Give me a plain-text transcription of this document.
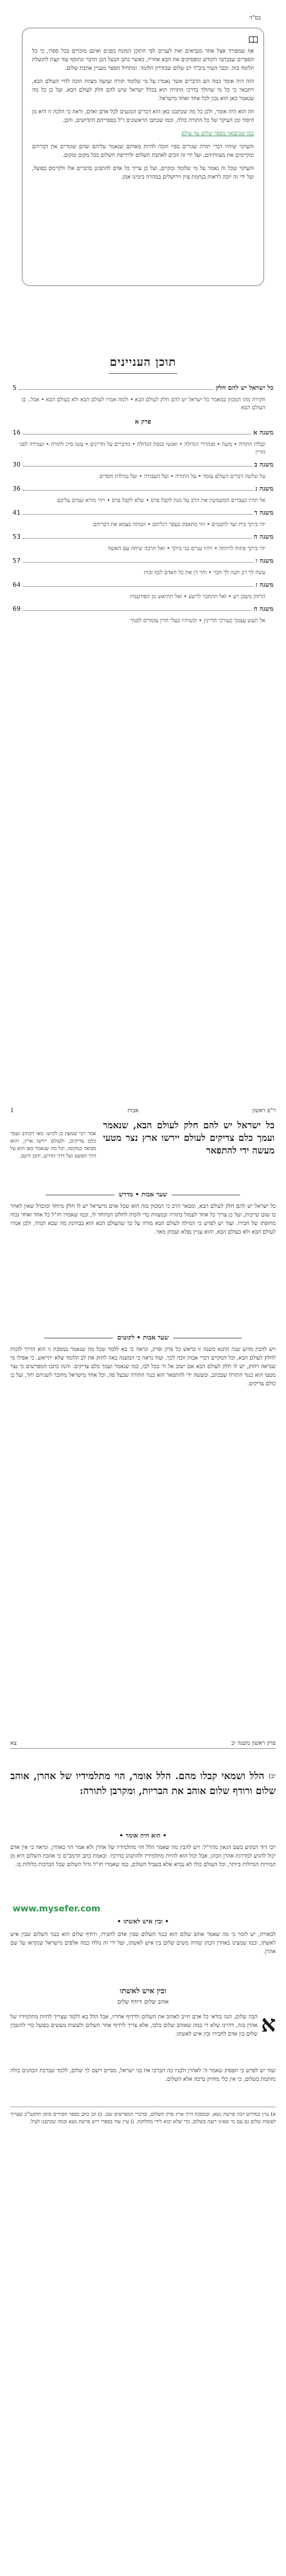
בס"ד

אף שמפורד אצל אחד מנביאים ואת לעניים לפי התוכן המונח בפנים ואינם מוכרים בכל ספרו, כי כל הספרים שבכתבי הקודש ומפסיקים את הבא אחריו, כאשר כתב הבעל הבן הדבר ונתוסף עוד קצת לתועלת הלומד בזה. וכבר העיר ביב"ד רב שלום שבזדרון הלומד. ומתחיל הספר מעניין אהבת שלום.

הזה היה אומר כמה הם הדברים אשר נאמרו על מי שלומד תורה ועושה מצוות וזוכה לחיי העולם הבא, ויתבאר כי כל מי שהולך בדרכי התורה הוא בכלל ישראל שיש להם חלק לעולם הבא, ועל כן כל מה שנאמר כאן הוא נכון לכל אחד ואחד מישראל.

וזה הוא היה אומר, ולכן כל מה שכתבנו כאן הוא דברים הנוגעים לכל אדם ואדם, וראה כי הלכה זו היא מן היסוד ומן העיקר של כל התורה כולה, וכמו שכתבו הראשונים ז"ל בספריהם הקדושים, והבן.

כמו שנתבאר בספר שלום עד עולם

והעיקר שיהיו דברי תורה שגורים בפיו וזוכה להיות מאותם שנאמר עליהם שהם שומרים את דבריהם ומקיימים את מצוותיהם, ועל ידי זה זוכים לאהבת השלום ולרדיפת השלום בכל מקום ומקום.

והעיקר שכל זה נאמר על מי שלומד ומקיים, ועל כן צריך כל אדם להתבונן בדברים אלו ולקיימם בפועל, ועל ידי זה יזכה לראות בנחמת ציון וירושלים במהרה בימינו אמן.

תוכן העניינים
כל ישראל יש להם חלק
5
חקירה מהו המכוון במאמר כל ישראל יש להם חלק לעולם הבא • ולמה אמרו לעולם הבא ולא בעולם הבא • אבל.. בן העולם הבא
פרק א
משנה א
16
קבלת התורה • משה • סנהדרי הגדולה • ואנשי כנסת הגדולה • מדברים על הדיינים • עשו סייג לתורה • ועמידה לפני הדיין
משנה ב
30
על שלשה דברים העולם עומד • על התורה • ועל העבודה • ועל גמילות חסדים
משנה ג
36
אל תהיו כעבדים המשמשין את הרב על מנת לקבל פרס • שלא לקבל פרס • ויהי מורא שמים עליכם
משנה ד
41
יהי ביתך בית ועד לחכמים • הוי מתאבק בעפר רגליהם • ושותה בצמא את דבריהם
משנה ה
53
יהי ביתך פתוח לרווחה • ויהיו עניים בני ביתך • ואל תרבה שיחה עם האשה
משנה ו
57
עשה לך רב וקנה לך חבר • והוי דן את כל האדם לכף זכות
משנה ז
64
הרחק משכן רע • ואל תתחבר לרשע • ואל תתיאש מן הפורענות
משנה ח
69
אל תעש עצמך כעורכי הדיינין • וכשיהיו בעלי הדין עומדים לפניך
ר"פ ראשון
אבות
1
כל ישראל יש להם חלק לעולם הבא, שנאמר ועמך כלם צדיקים לעולם יירשו ארץ נצר מטעי מעשה ידי להתפאר
אמר רבי שמעון בן לקיש: מאי דכתיב ועמך כלם צדיקים, ולעולם יירשו ארץ, והוא מבואר במקומו, וכל מה שנאמר כאן הוא על דרך הפשט ועל דרך הדרש, והבן היטב.
שער אבות • מדרש
כל ישראל יש להם חלק לעולם הבא, ומבאר הרב כי המכוון בזה הוא שכל אדם מישראל יש לו חלק מיוחד ומובדל שאין לאחר בו שום שייכות, ועל כן צריך כל אחד לעמול בתורה ובמצוות כדי לזכות לחלקו המיוחד לו, וכמו שאמרו חז"ל כל אחד ואחד נכוה מחופתו של חבירו. ועוד יש לפרש כי המילה לעולם הבא מורה על כך שהעולם הבא הוא בבחינת מה שבא תמיד, ולכן אמרו לעולם הבא ולא בעולם הבא, והוא עניין נפלא ועמוק מאד.
שער אבות • לקוטים
ויש להבין מדוע שנה התנא משנה זו בראש כל פרק ופרק, ונראה כי בא ללמד שכל מה שנאמר במסכת זו הוא הדרך לזכות לחלק לעולם הבא, וכל המקיים דברי אבות זוכה לכך. ועוד נראה כי המשנה באה לחזק את לב הלומד שלא יתייאש, כי אפילו מי שנראה רחוק, יש לו חלק לעולם הבא אם ישוב אל ה' בכל לבו, כמו שנאמר ועמך כלם צדיקים. והנה כתבו המפרשים כי נצר מטעי הוא כנגד התורה שבכתב, ומעשה ידי להתפאר הוא כנגד התורה שבעל פה, וכל אחד מישראל מחובר לשניהם יחד, ועל כן כולם צדיקים.
פרק ראשון משנה יב
צא
$^{יב)}$ הלל ושמאי קבלו מהם. הלל אומר, הוי מתלמידיו של אהרן, אוהב שלום ורודף שלום אוהב את הבריות, ומקרבן לתורה:
• הוא היה אומר •
רבי דוד הבקיע בשם הגאון מהר"ל: ויש להבין מה שאמר הלל הוי מתלמידיו של אהרן ולא אמר הוי כאהרן, ונראה כי אין אדם יכול להגיע למדרגת אהרן הכהן, אבל יכול הוא להיות מתלמידיו ולהתנהג בדרכיו. ובאמת כתב הרמב"ם כי אהבת השלום היא מן המידות הגדולות ביותר, וכל העולם כולו לא נברא אלא בשביל השלום, כמו שאמרו חז"ל גדול השלום שכל הברכות כלולות בו.
www.mysefer.com
• ובין איש לאשתו •
לכאורה, יש לומר כי מה שאמר אוהב שלום הוא כנגד השלום שבין אדם לחבירו, ורודף שלום הוא כנגד השלום שבין איש לאשתו, וכמו שמצינו באהרן הכהן שהיה משים שלום בין איש לאשתו, ועל ידי זה נולדו כמה אלפים מישראל שנקראו על שם אהרן.
ובין איש לאשתו
אוהב שלום ורודף שלום
א
הבה שלום, הנה בודאי כל אדם חייב לאהוב את השלום ולרדוף אחריו, אבל הלל בא ללמד שצריך להיות מתלמידיו של אהרן בזה, דהיינו שלא די במה שאוהב שלום בלבו, אלא צריך לרדוף אחר השלום ולעשות מעשים בפועל כדי להשכין שלום בין אדם לחבירו ובין איש לאשתו.
ועוד יש לפרש כי הפסוק שאמר ה' לאהרן ולבניו כה תברכו את בני ישראל, מסיים וישם לך שלום, ללמד שברכת הכהנים כולה נחתמת בשלום, כי אין כלי מחזיק ברכה אלא השלום.
א) עיין במדרש רבה פרשת נשא, ובמסכת דרך ארץ פרק השלום, ובדברי המפרשים שם. ב) וכן כתב בספר חסידים סימן תתקמ"ב שצריך לעשות שלום גם עם מי שאינו רוצה בשלום, כדי שלא יבוא לידי מחלוקת. ג) עיין עוד בספרי ריש פרשת נשא ובמה שכתבנו לעיל.
